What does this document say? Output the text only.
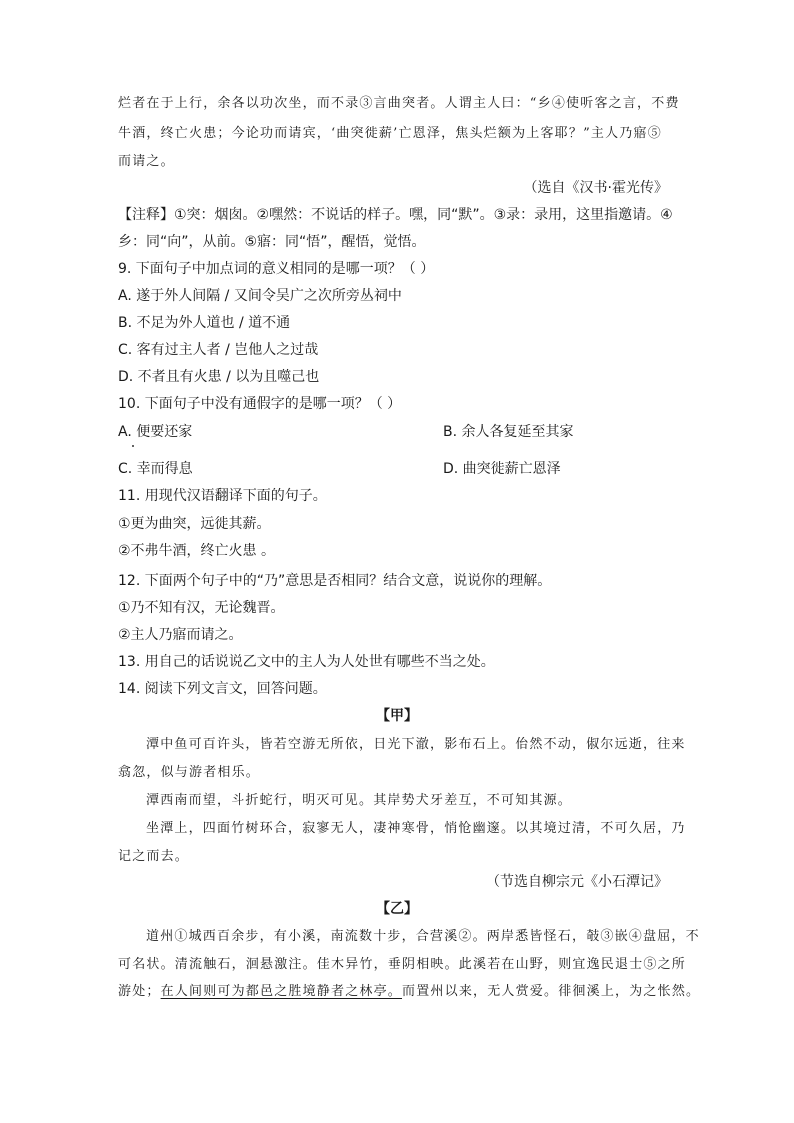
烂者在于上行，余各以功次坐，而不录③言曲突者。人谓主人曰：“乡④使听客之言，不费
牛酒，终亡火患；今论功而请宾，‘曲突徙薪’亡恩泽，焦头烂额为上客耶？”主人乃寤⑤
而请之。
（选自《汉书·霍光传》
【注释】①突：烟囱。②嘿然：不说话的样子。嘿，同“默”。③录：录用，这里指邀请。④
乡：同“向”，从前。⑤寤：同“悟”，醒悟，觉悟。
9. 下面句子中加点词的意义相同的是哪一项？（ ）
A. 遂于外人间隔 / 又间令吴广之次所旁丛祠中
B. 不足为外人道也 / 道不通
C. 客有过主人者 / 岂他人之过哉
D. 不者且有火患 / 以为且噬己也
10. 下面句子中没有通假字的是哪一项？（ ）
A. 便要还家	B. 余人各复延至其家
C. 幸而得息	D. 曲突徙薪亡恩泽
11. 用现代汉语翻译下面的句子。
①更为曲突，远徙其薪。
②不弗牛酒，终亡火患 。
12. 下面两个句子中的“乃”意思是否相同？结合文意，说说你的理解。
①乃不知有汉，无论魏晋。
②主人乃寤而请之。
13. 用自己的话说说乙文中的主人为人处世有哪些不当之处。
14. 阅读下列文言文，回答问题。
【甲】
潭中鱼可百许头，皆若空游无所依，日光下澈，影布石上。佁然不动，俶尔远逝，往来
翕忽，似与游者相乐。
潭西南而望，斗折蛇行，明灭可见。其岸势犬牙差互，不可知其源。
坐潭上，四面竹树环合，寂寥无人，凄神寒骨，悄怆幽邃。以其境过清，不可久居，乃
记之而去。
（节选自柳宗元《小石潭记》
【乙】
道州①城西百余步，有小溪，南流数十步，合营溪②。两岸悉皆怪石，攲③嵌④盘屈，不
可名状。清流触石，洄悬激注。佳木异竹，垂阴相映。此溪若在山野，则宜逸民退士⑤之所
游处；在人间则可为都邑之胜境静者之林亭。而置州以来，无人赏爱。徘徊溪上，为之怅然。
